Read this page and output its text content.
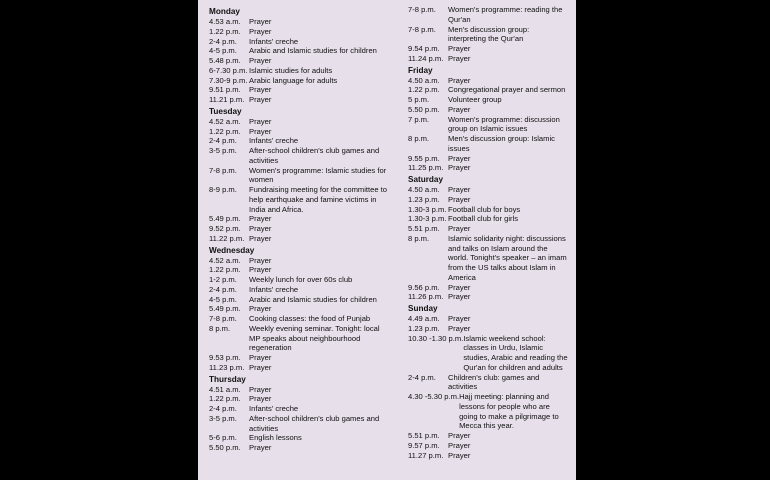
Monday
4.53 a.m.	Prayer
1.22 p.m.	Prayer
2-4 p.m.	Infants' creche
4-5 p.m.	Arabic and Islamic studies for children
5.48 p.m.	Prayer
6-7.30 p.m. Islamic studies for adults
7.30-9 p.m. Arabic language for adults
9.51 p.m.	Prayer
11.21 p.m. Prayer
Tuesday
4.52 a.m.	Prayer
1.22 p.m.	Prayer
2-4 p.m.	Infants' creche
3-5 p.m.	After-school children's club games and activities
7-8 p.m.	Women's programme: Islamic studies for women
8-9 p.m.	Fundraising meeting for the committee to help earthquake and famine victims in India and Africa.
5.49 p.m.	Prayer
9.52 p.m.	Prayer
11.22 p.m. Prayer
Wednesday
4.52 a.m.	Prayer
1.22 p.m.	Prayer
1-2 p.m.	Weekly lunch for over 60s club
2-4 p.m.	Infants' creche
4-5 p.m.	Arabic and Islamic studies for children
5.49 p.m.	Prayer
7-8 p.m.	Cooking classes: the food of Punjab
8 p.m.	Weekly evening seminar. Tonight: local MP speaks about neighbourhood regeneration
9.53 p.m.	Prayer
11.23 p.m. Prayer
Thursday
4.51 a.m.	Prayer
1.22 p.m.	Prayer
2-4 p.m.	Infants' creche
3-5 p.m.	After-school children's club games and activities
5-6 p.m.	English lessons
5.50 p.m.	Prayer
7-8 p.m.	Women's programme: reading the Qur'an
7-8 p.m.	Men's discussion group: interpreting the Qur'an
9.54 p.m.	Prayer
11.24 p.m. Prayer
Friday
4.50 a.m.	Prayer
1.22 p.m.	Congregational prayer and sermon
5 p.m.	Volunteer group
5.50 p.m.	Prayer
7 p.m.	Women's programme: discussion group on Islamic issues
8 p.m.	Men's discussion group: Islamic issues
9.55 p.m.	Prayer
11.25 p.m. Prayer
Saturday
4.50 a.m.	Prayer
1.23 p.m.	Prayer
1.30-3 p.m. Football club for boys
1.30-3 p.m. Football club for girls
5.51 p.m.	Prayer
8 p.m.	Islamic solidarity night: discussions and talks on Islam around the world. Tonight's speaker – an imam from the US talks about Islam in America
9.56 p.m.	Prayer
11.26 p.m. Prayer
Sunday
4.49 a.m.	Prayer
1.23 p.m.	Prayer
10.30 -1.30 p.m. Islamic weekend school: classes in Urdu, Islamic studies, Arabic and reading the Qur'an for children and adults
2-4 p.m.	Children's club: games and activities
4.30 -5.30 p.m. Hajj meeting: planning and lessons for people who are going to make a pilgrimage to Mecca this year.
5.51 p.m.	Prayer
9.57 p.m.	Prayer
11.27 p.m. Prayer
